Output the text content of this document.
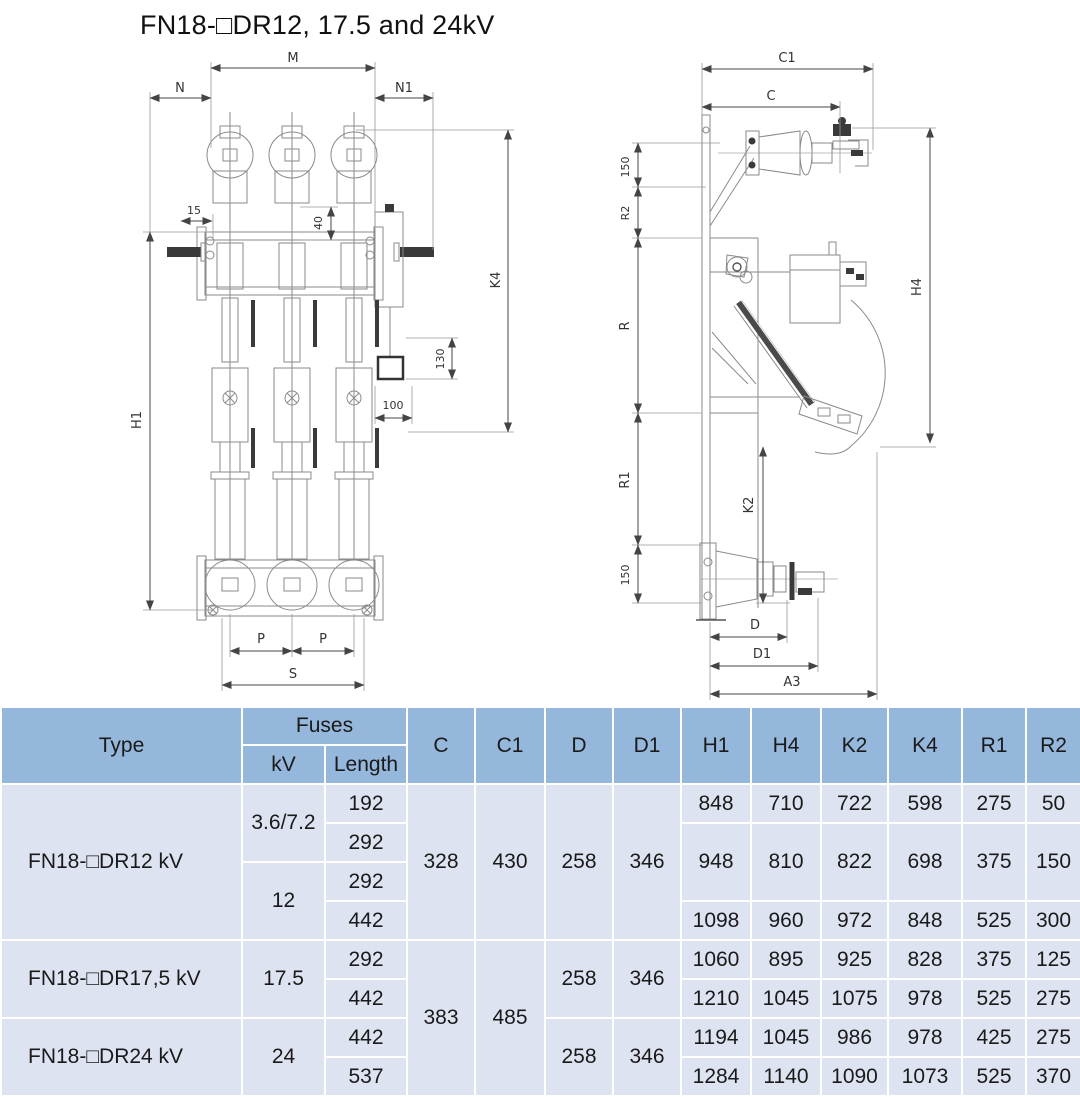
FN18-□DR12, 17.5 and 24kV
M
N	N1
15
40
H1
K4
130
100
P	P
S
C1
C
150
R2
R
R1
150
H4
K2
D
D1
A3
Type	Fuses		C	C1	D	D1	H1	H4	K2	K4	R1	R2
	kV	Length										
FN18-□DR12 kV	3.6/7.2	192	328	430	258	346	848	710	722	598	275	50
		292					948	810	822	698	375	150
	12	292										
		442					1098	960	972	848	525	300
FN18-□DR17,5 kV	17.5	292	383	485	258	346	1060	895	925	828	375	125
		442					1210	1045	1075	978	525	275
FN18-□DR24 kV	24	442			258	346	1194	1045	986	978	425	275
		537					1284	1140	1090	1073	525	370
